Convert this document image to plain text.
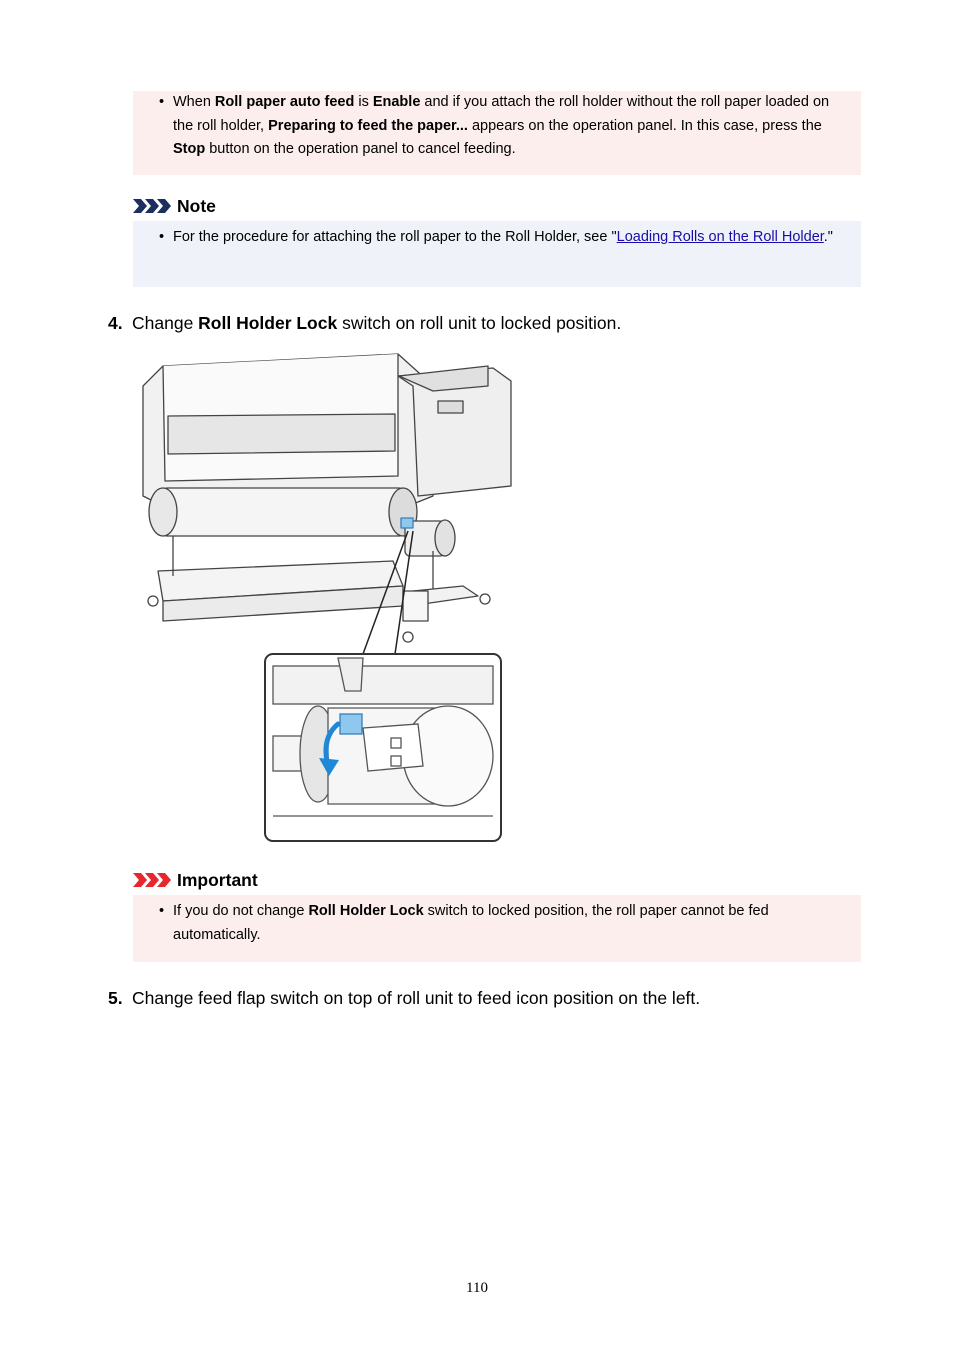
• When Roll paper auto feed is Enable and if you attach the roll holder without the roll paper loaded on the roll holder, Preparing to feed the paper... appears on the operation panel. In this case, press the Stop button on the operation panel to cancel feeding.
Note
• For the procedure for attaching the roll paper to the Roll Holder, see "Loading Rolls on the Roll Holder."
4. Change Roll Holder Lock switch on roll unit to locked position.
Important
• If you do not change Roll Holder Lock switch to locked position, the roll paper cannot be fed automatically.
5. Change feed flap switch on top of roll unit to feed icon position on the left.
110
